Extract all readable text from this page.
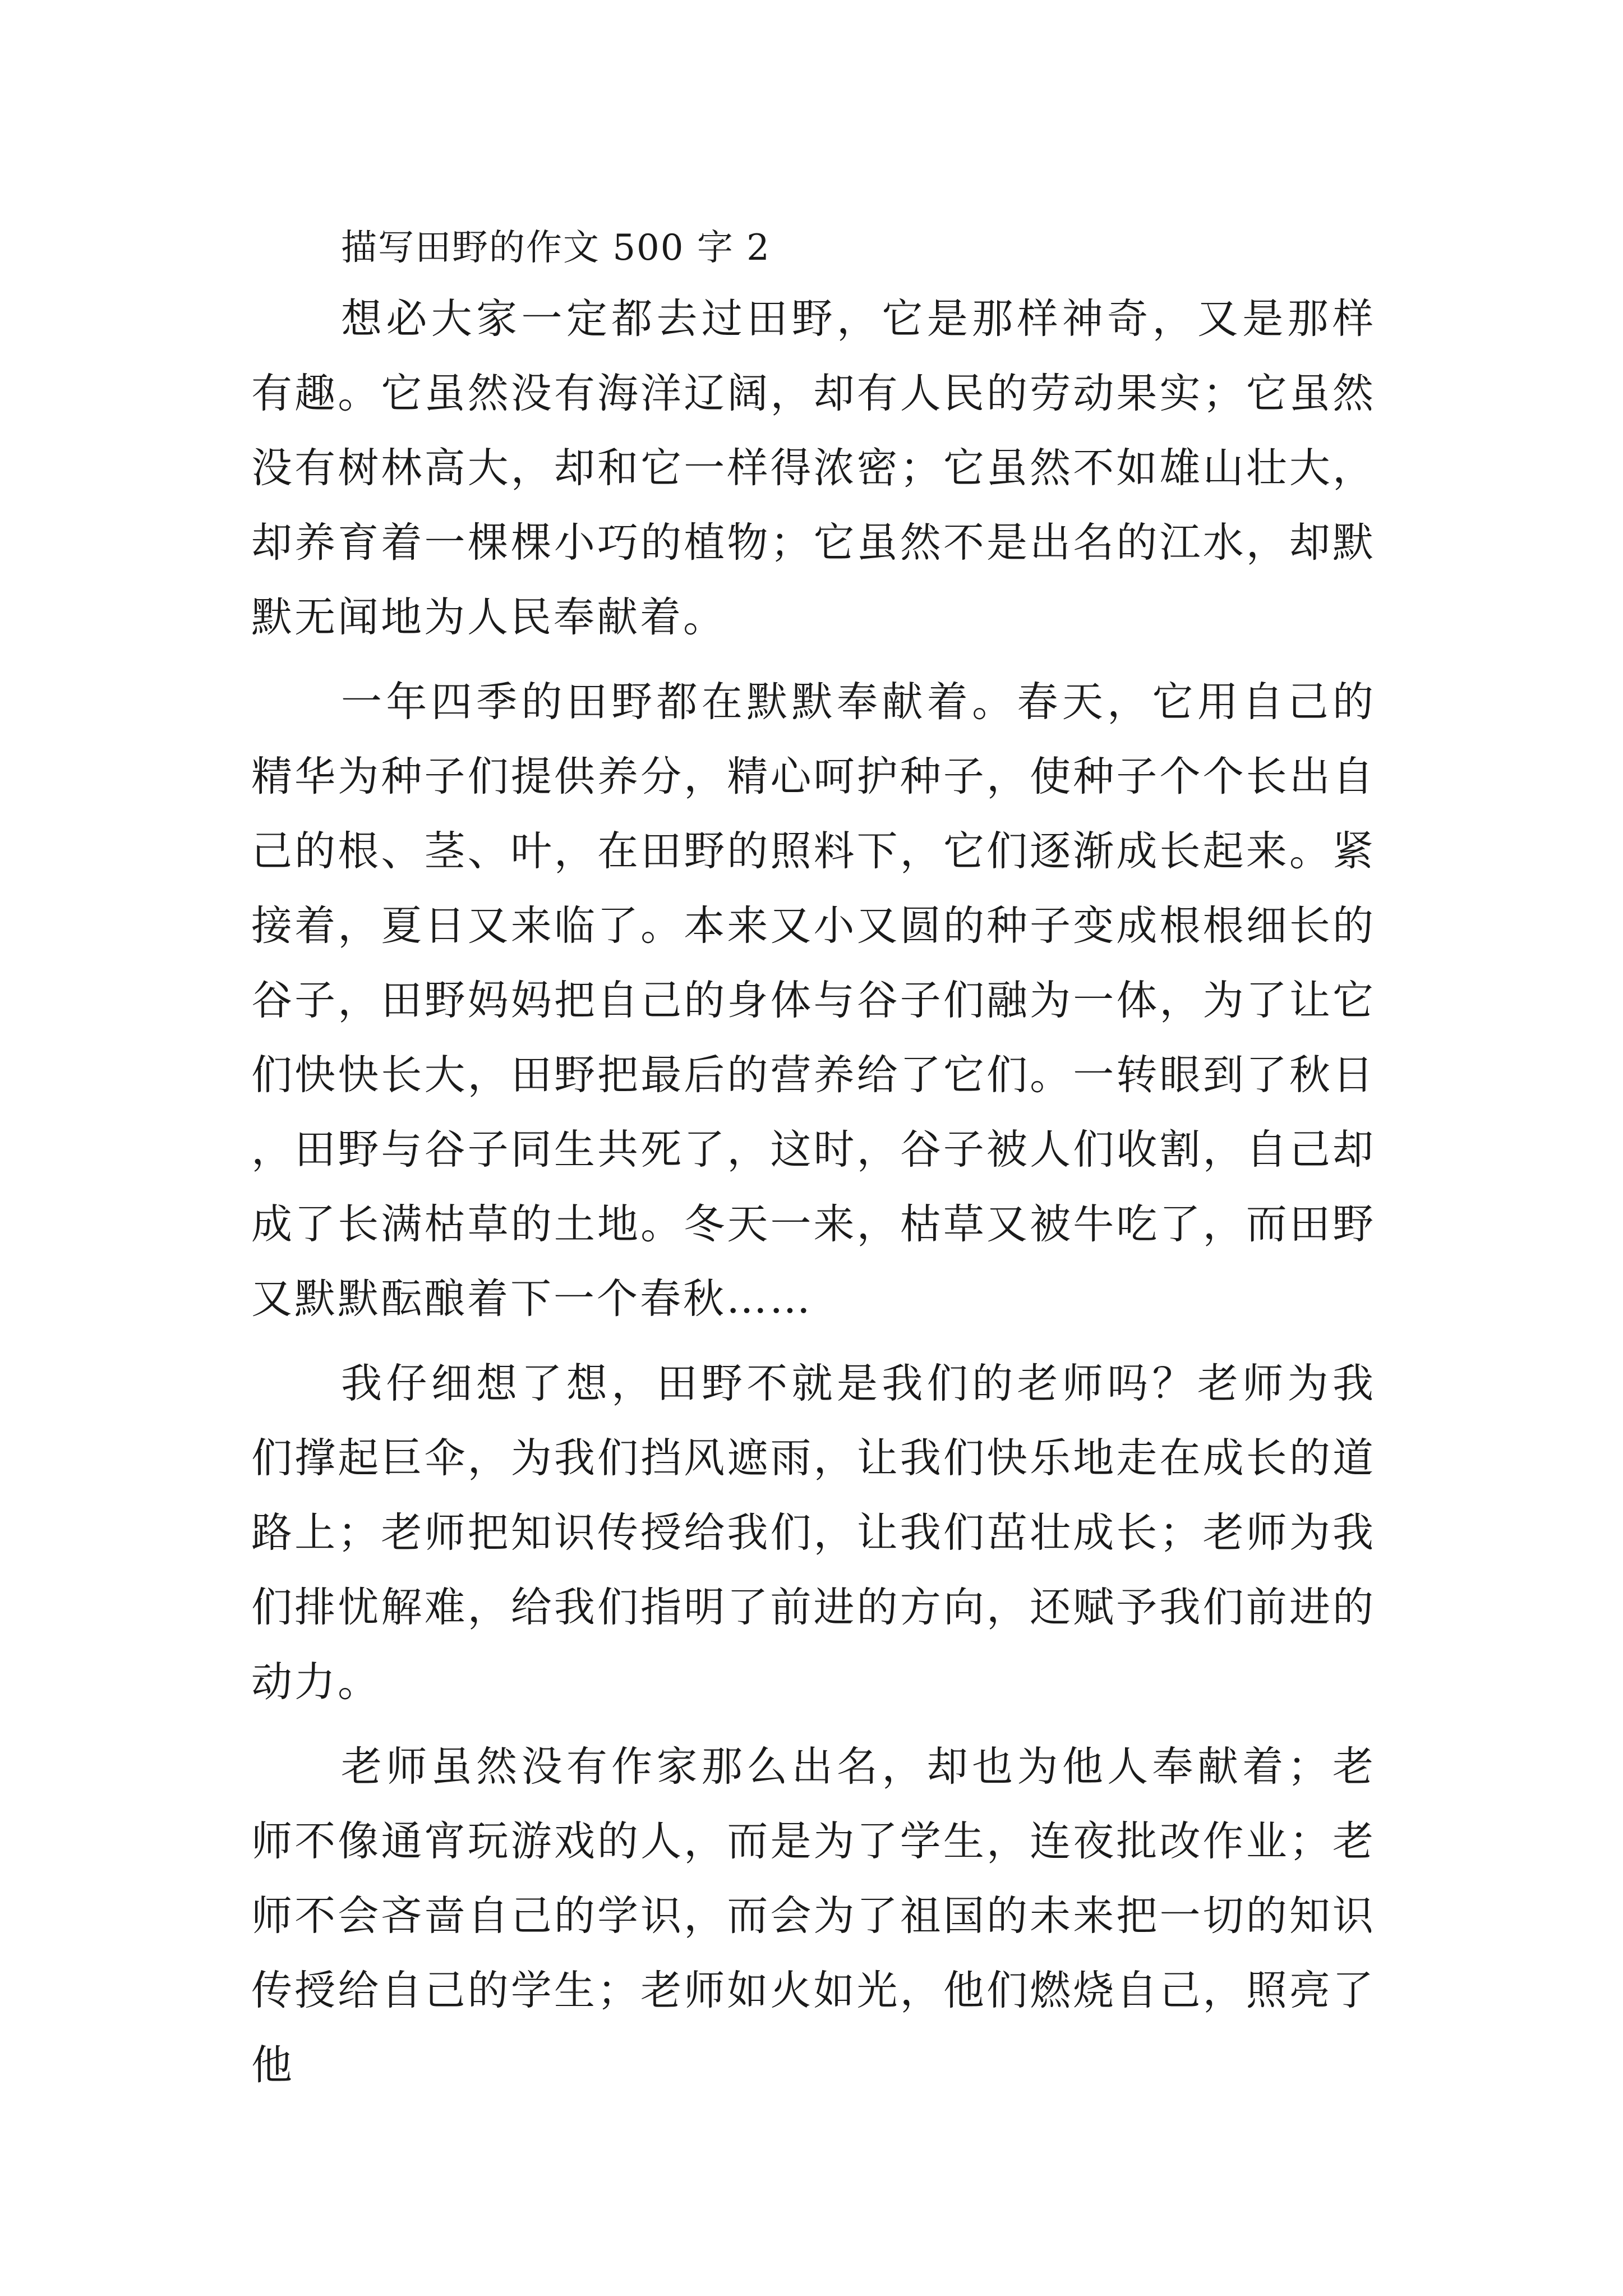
描写田野的作文 500 字 2

想必大家一定都去过田野，它是那样神奇，又是那样有趣。它虽然没有海洋辽阔，却有人民的劳动果实；它虽然没有树林高大，却和它一样得浓密；它虽然不如雄山壮大，却养育着一棵棵小巧的植物；它虽然不是出名的江水，却默默无闻地为人民奉献着。

一年四季的田野都在默默奉献着。春天，它用自己的精华为种子们提供养分，精心呵护种子，使种子个个长出自己的根、茎、叶，在田野的照料下，它们逐渐成长起来。紧接着，夏日又来临了。本来又小又圆的种子变成根根细长的谷子，田野妈妈把自己的身体与谷子们融为一体，为了让它们快快长大，田野把最后的营养给了它们。一转眼到了秋日，田野与谷子同生共死了，这时，谷子被人们收割，自己却成了长满枯草的土地。冬天一来，枯草又被牛吃了，而田野又默默酝酿着下一个春秋……

我仔细想了想，田野不就是我们的老师吗？老师为我们撑起巨伞，为我们挡风遮雨，让我们快乐地走在成长的道路上；老师把知识传授给我们，让我们茁壮成长；老师为我们排忧解难，给我们指明了前进的方向，还赋予我们前进的动力。

老师虽然没有作家那么出名，却也为他人奉献着；老师不像通宵玩游戏的人，而是为了学生，连夜批改作业；老师不会吝啬自己的学识，而会为了祖国的未来把一切的知识传授给自己的学生；老师如火如光，他们燃烧自己，照亮了他
